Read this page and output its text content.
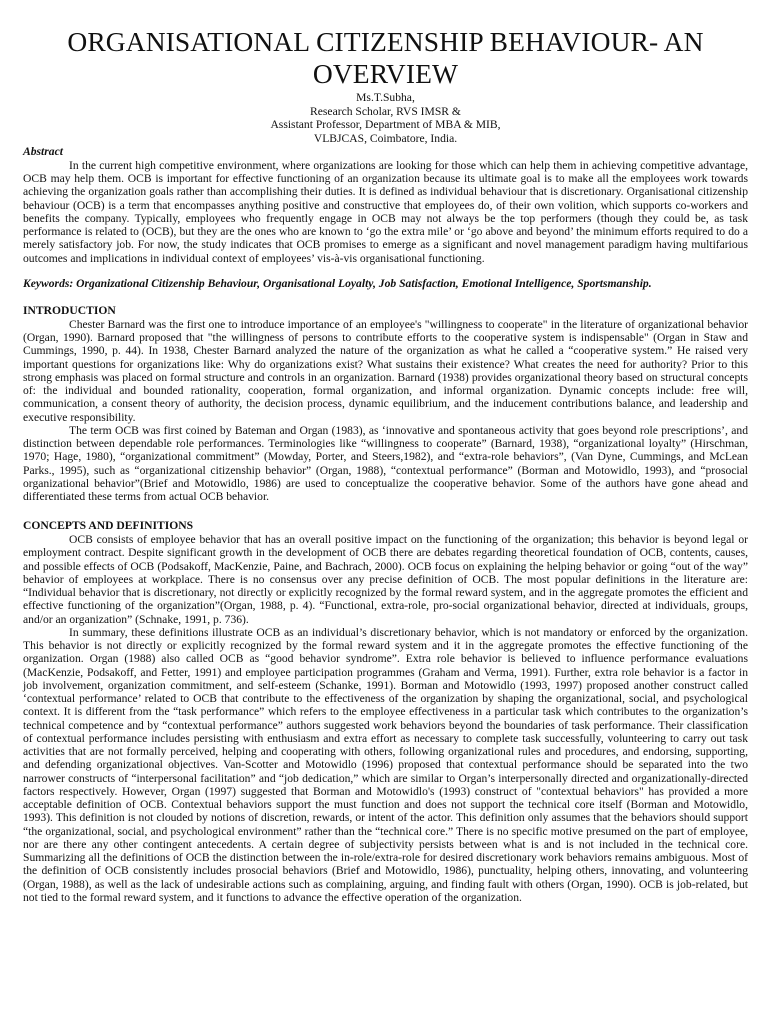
ORGANISATIONAL CITIZENSHIP BEHAVIOUR- AN OVERVIEW
Ms.T.Subha,
Research Scholar, RVS IMSR &
Assistant Professor, Department of MBA & MIB,
VLBJCAS, Coimbatore, India.
Abstract

In the current high competitive environment, where organizations are looking for those which can help them in achieving competitive advantage, OCB may help them. OCB is important for effective functioning of an organization because its ultimate goal is to make all the employees work towards achieving the organization goals rather than accomplishing their duties. It is defined as individual behaviour that is discretionary. Organisational citizenship behaviour (OCB) is a term that encompasses anything positive and constructive that employees do, of their own volition, which supports co-workers and benefits the company. Typically, employees who frequently engage in OCB may not always be the top performers (though they could be, as task performance is related to (OCB), but they are the ones who are known to ‘go the extra mile’ or ‘go above and beyond’ the minimum efforts required to do a merely satisfactory job. For now, the study indicates that OCB promises to emerge as a significant and novel management paradigm having multifarious outcomes and implications in individual context of employees’ vis-à-vis organisational functioning.

Keywords: Organizational Citizenship Behaviour, Organisational Loyalty, Job Satisfaction, Emotional Intelligence, Sportsmanship.
INTRODUCTION

Chester Barnard was the first one to introduce importance of an employee's "willingness to cooperate" in the literature of organizational behavior (Organ, 1990). Barnard proposed that "the willingness of persons to contribute efforts to the cooperative system is indispensable" (Organ in Staw and Cummings, 1990, p. 44). In 1938, Chester Barnard analyzed the nature of the organization as what he called a “cooperative system.” He raised very important questions for organizations like: Why do organizations exist? What sustains their existence? What creates the need for authority? Prior to this strong emphasis was placed on formal structure and controls in an organization. Barnard (1938) provides organizational theory based on structural concepts of: the individual and bounded rationality, cooperation, formal organization, and informal organization. Dynamic concepts include: free will, communication, a consent theory of authority, the decision process, dynamic equilibrium, and the inducement contributions balance, and leadership and executive responsibility.

The term OCB was first coined by Bateman and Organ (1983), as ‘innovative and spontaneous activity that goes beyond role prescriptions’, and distinction between dependable role performances. Terminologies like “willingness to cooperate” (Barnard, 1938), “organizational loyalty” (Hirschman, 1970; Hage, 1980), “organizational commitment” (Mowday, Porter, and Steers,1982), and “extra-role behaviors”, (Van Dyne, Cummings, and McLean Parks., 1995), such as “organizational citizenship behavior” (Organ, 1988), “contextual performance” (Borman and Motowidlo, 1993), and “prosocial organizational behavior”(Brief and Motowidlo, 1986) are used to conceptualize the cooperative behavior. Some of the authors have gone ahead and differentiated these terms from actual OCB behavior.

CONCEPTS AND DEFINITIONS

OCB consists of employee behavior that has an overall positive impact on the functioning of the organization; this behavior is beyond legal or employment contract. Despite significant growth in the development of OCB there are debates regarding theoretical foundation of OCB, contents, causes, and possible effects of OCB (Podsakoff, MacKenzie, Paine, and Bachrach, 2000). OCB focus on explaining the helping behavior or going “out of the way” behavior of employees at workplace. There is no consensus over any precise definition of OCB. The most popular definitions in the literature are: “Individual behavior that is discretionary, not directly or explicitly recognized by the formal reward system, and in the aggregate promotes the efficient and effective functioning of the organization”(Organ, 1988, p. 4). “Functional, extra-role, pro-social organizational behavior, directed at individuals, groups, and/or an organization” (Schnake, 1991, p. 736).

In summary, these definitions illustrate OCB as an individual’s discretionary behavior, which is not mandatory or enforced by the organization. This behavior is not directly or explicitly recognized by the formal reward system and it in the aggregate promotes the effective functioning of the organization. Organ (1988) also called OCB as “good behavior syndrome”. Extra role behavior is believed to influence performance evaluations (MacKenzie, Podsakoff, and Fetter, 1991) and employee participation programmes (Graham and Verma, 1991). Further, extra role behavior is a factor in job involvement, organization commitment, and self-esteem (Schanke, 1991). Borman and Motowidlo (1993, 1997) proposed another construct called ‘contextual performance’ related to OCB that contribute to the effectiveness of the organization by shaping the organizational, social, and psychological context. It is different from the “task performance” which refers to the employee effectiveness in a particular task which contributes to the organization’s technical competence and by “contextual performance” authors suggested work behaviors beyond the boundaries of task performance. Their classification of contextual performance includes persisting with enthusiasm and extra effort as necessary to complete task successfully, volunteering to carry out task activities that are not formally perceived, helping and cooperating with others, following organizational rules and procedures, and endorsing, supporting, and defending organizational objectives. Van-Scotter and Motowidlo (1996) proposed that contextual performance should be separated into the two narrower constructs of “interpersonal facilitation” and “job dedication,” which are similar to Organ’s interpersonally directed and organizationally-directed factors respectively. However, Organ (1997) suggested that Borman and Motowidlo's (1993) construct of "contextual behaviors" has provided a more acceptable definition of OCB. Contextual behaviors support the must function and does not support the technical core itself (Borman and Motowidlo, 1993). This definition is not clouded by notions of discretion, rewards, or intent of the actor. This definition only assumes that the behaviors should support “the organizational, social, and psychological environment” rather than the “technical core.” There is no specific motive presumed on the part of employee, nor are there any other contingent antecedents. A certain degree of subjectivity persists between what is and is not included in the technical core. Summarizing all the definitions of OCB the distinction between the in-role/extra-role for desired discretionary work behaviors remains ambiguous. Most of the definition of OCB consistently includes prosocial behaviors (Brief and Motowidlo, 1986), punctuality, helping others, innovating, and volunteering (Organ, 1988), as well as the lack of undesirable actions such as complaining, arguing, and finding fault with others (Organ, 1990). OCB is job-related, but not tied to the formal reward system, and it functions to advance the effective operation of the organization.
